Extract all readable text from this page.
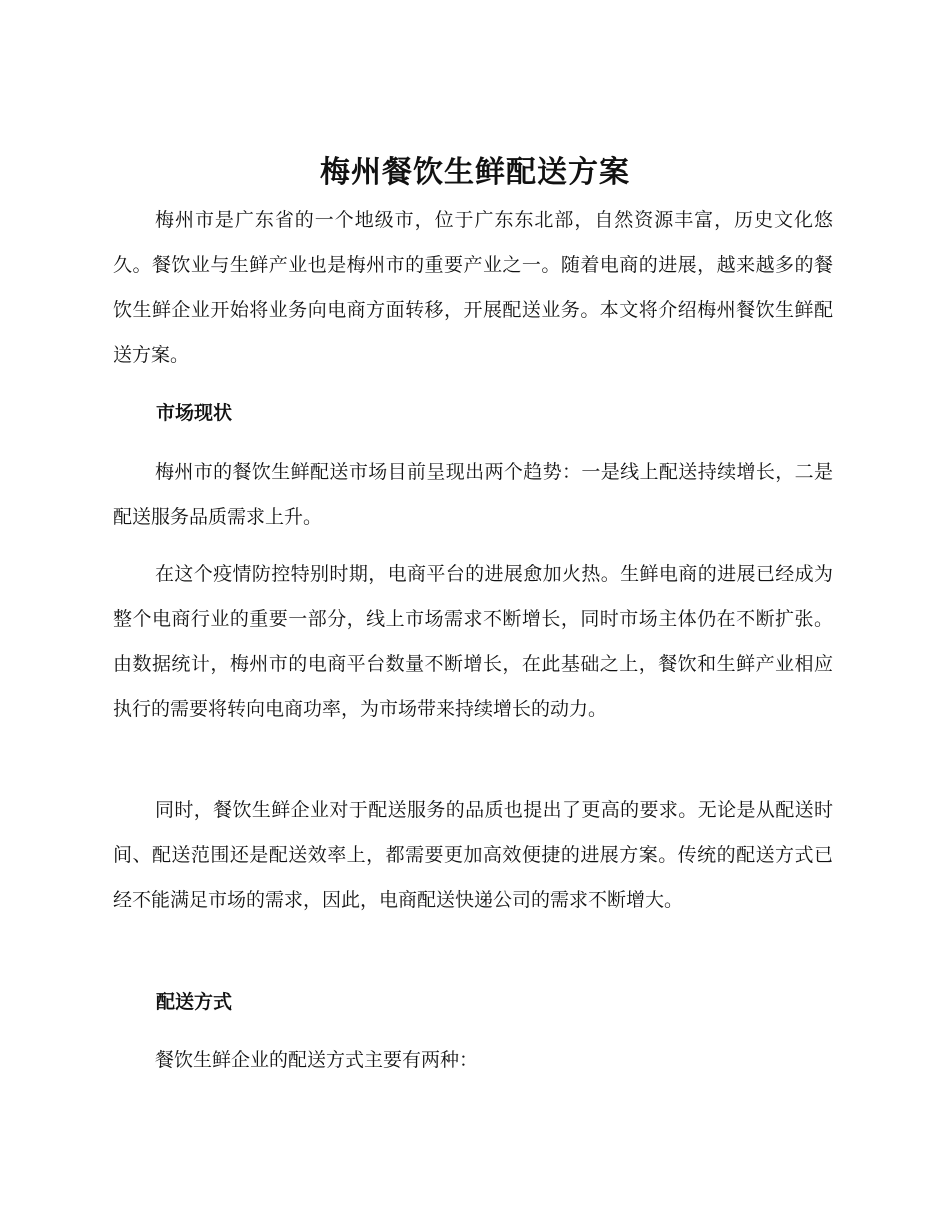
梅州餐饮生鲜配送方案

梅州市是广东省的一个地级市，位于广东东北部，自然资源丰富，历史文化悠久。餐饮业与生鲜产业也是梅州市的重要产业之一。随着电商的进展，越来越多的餐饮生鲜企业开始将业务向电商方面转移，开展配送业务。本文将介绍梅州餐饮生鲜配送方案。

市场现状

梅州市的餐饮生鲜配送市场目前呈现出两个趋势：一是线上配送持续增长，二是配送服务品质需求上升。

在这个疫情防控特别时期，电商平台的进展愈加火热。生鲜电商的进展已经成为整个电商行业的重要一部分，线上市场需求不断增长，同时市场主体仍在不断扩张。由数据统计，梅州市的电商平台数量不断增长，在此基础之上，餐饮和生鲜产业相应执行的需要将转向电商功率，为市场带来持续增长的动力。

同时，餐饮生鲜企业对于配送服务的品质也提出了更高的要求。无论是从配送时间、配送范围还是配送效率上，都需要更加高效便捷的进展方案。传统的配送方式已经不能满足市场的需求，因此，电商配送快递公司的需求不断增大。

配送方式

餐饮生鲜企业的配送方式主要有两种：
